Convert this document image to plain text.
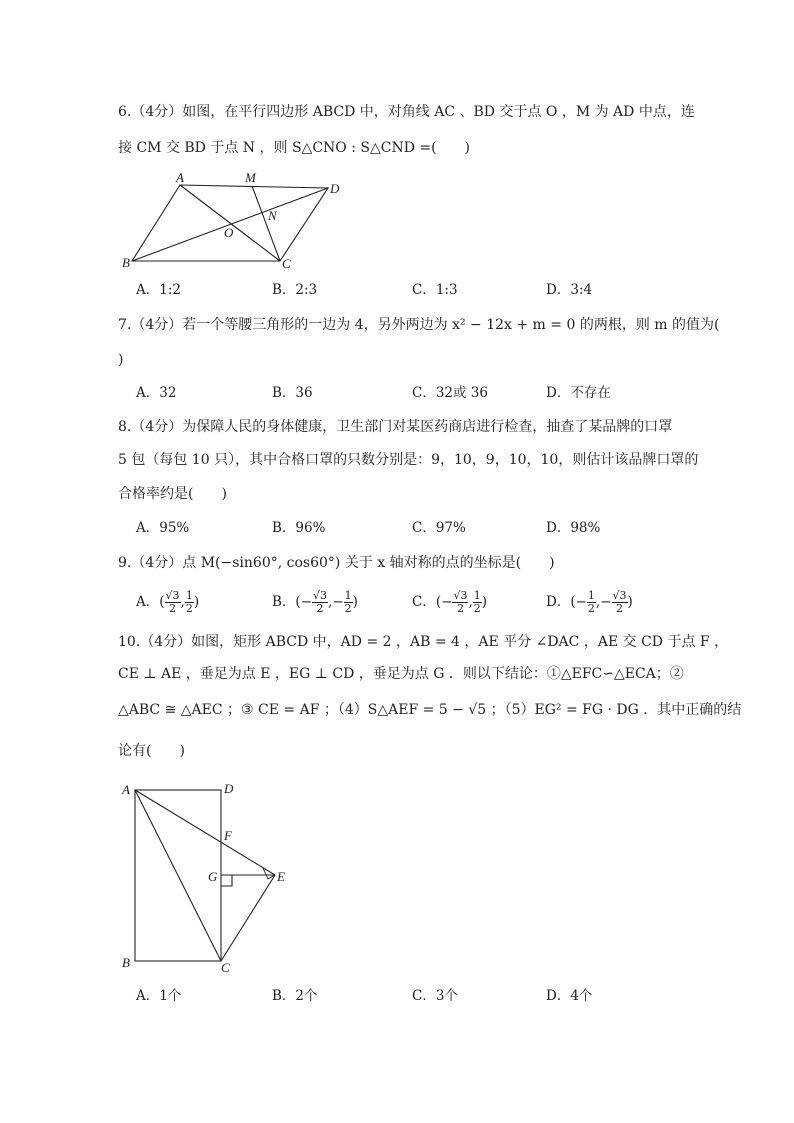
6.（4分）如图，在平行四边形 ABCD 中，对角线 AC 、BD 交于点 O ，M 为 AD 中点，连
接 CM 交 BD 于点 N ，则 S△CNO : S△CND =(　　)
A	M
D
N
O
B	C
A．1:2	B．2:3	C．1:3	D．3:4
7.（4分）若一个等腰三角形的一边为 4，另外两边为 x² − 12x + m = 0 的两根，则 m 的值为(
)
A．32	B．36	C．32或 36	D．不存在
8.（4分）为保障人民的身体健康，卫生部门对某医药商店进行检查，抽查了某品牌的口罩
5 包（每包 10 只），其中合格口罩的只数分别是：9，10，9，10，10，则估计该品牌口罩的
合格率约是(　　)
A．95%	B．96%	C．97%	D．98%
9.（4分）点 M(−sin60°, cos60°) 关于 x 轴对称的点的坐标是(　　)
A．( $\frac{√3}{2}$ , $\frac{1}{2}$ )	B．(− $\frac{√3}{2}$ ,− $\frac{1}{2}$ )	C．(− $\frac{√3}{2}$ , $\frac{1}{2}$ )	D．(− $\frac{1}{2}$ ,− $\frac{√3}{2}$ )
10.（4分）如图，矩形 ABCD 中，AD = 2 ，AB = 4 ，AE 平分 ∠DAC ，AE 交 CD 于点 F ，
CE ⊥ AE ，垂足为点 E ，EG ⊥ CD ，垂足为点 G ．则以下结论：①△EFC∽△ECA；②
△ABC ≅ △AEC ；③ CE = AF ；（4）S△AEF = 5 − √5 ；（5）EG² = FG · DG ．其中正确的结
论有(　　)
A	D
F
G	E
B	C
A．1个	B．2个	C．3个	D．4个
